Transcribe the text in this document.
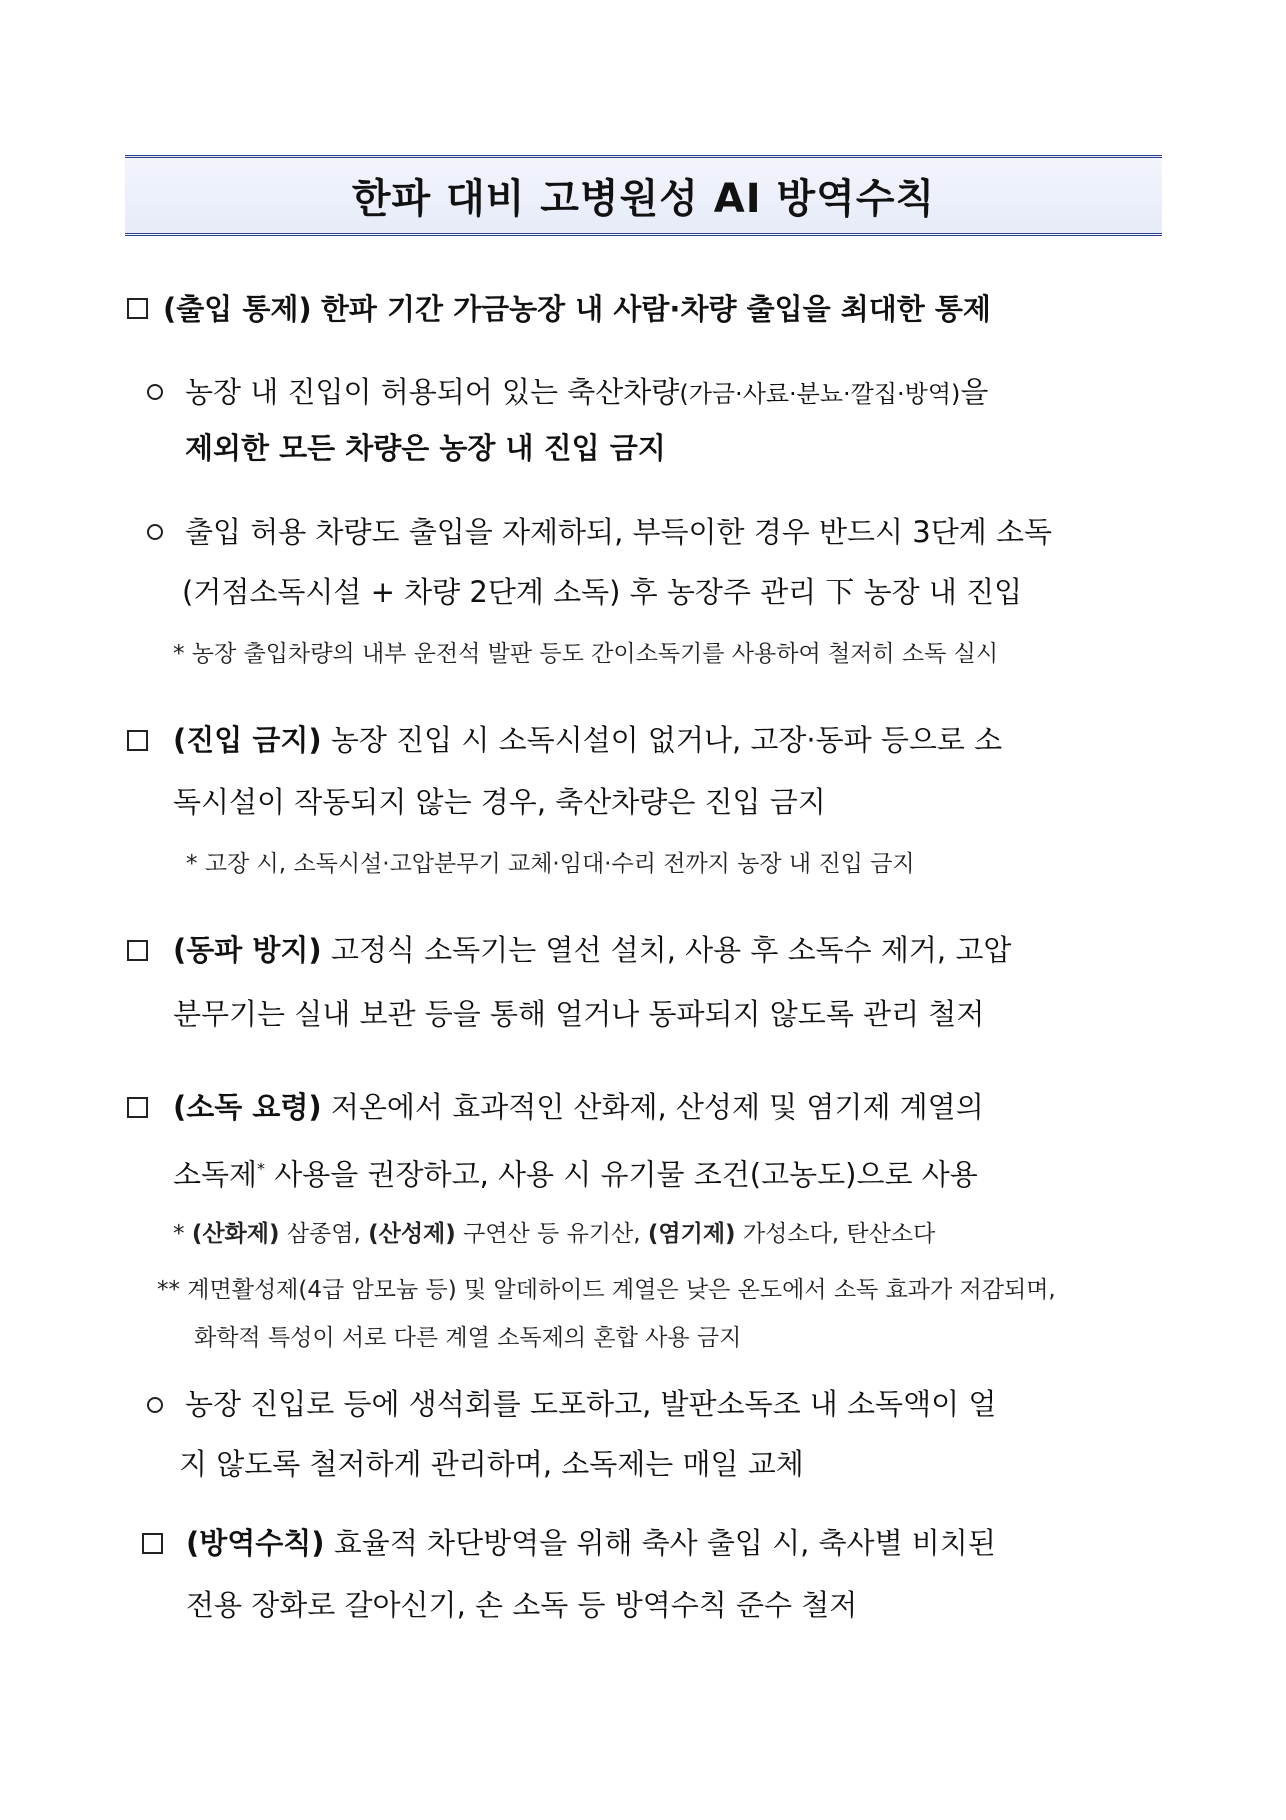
한파 대비 고병원성 AI 방역수칙
(출입 통제) 한파 기간 가금농장 내 사람·차량 출입을 최대한 통제
농장 내 진입이 허용되어 있는 축산차량(가금·사료·분뇨·깔집·방역)을
제외한 모든 차량은 농장 내 진입 금지
출입 허용 차량도 출입을 자제하되, 부득이한 경우 반드시 3단계 소독
(거점소독시설 + 차량 2단계 소독) 후 농장주 관리 下 농장 내 진입
* 농장 출입차량의 내부 운전석 발판 등도 간이소독기를 사용하여 철저히 소독 실시
(진입 금지) 농장 진입 시 소독시설이 없거나, 고장·동파 등으로 소
독시설이 작동되지 않는 경우, 축산차량은 진입 금지
* 고장 시, 소독시설·고압분무기 교체·임대·수리 전까지 농장 내 진입 금지
(동파 방지) 고정식 소독기는 열선 설치, 사용 후 소독수 제거, 고압
분무기는 실내 보관 등을 통해 얼거나 동파되지 않도록 관리 철저
(소독 요령) 저온에서 효과적인 산화제, 산성제 및 염기제 계열의
소독제* 사용을 권장하고, 사용 시 유기물 조건(고농도)으로 사용
* (산화제) 삼종염, (산성제) 구연산 등 유기산, (염기제) 가성소다, 탄산소다
** 계면활성제(4급 암모늄 등) 및 알데하이드 계열은 낮은 온도에서 소독 효과가 저감되며,
화학적 특성이 서로 다른 계열 소독제의 혼합 사용 금지
농장 진입로 등에 생석회를 도포하고, 발판소독조 내 소독액이 얼
지 않도록 철저하게 관리하며, 소독제는 매일 교체
(방역수칙) 효율적 차단방역을 위해 축사 출입 시, 축사별 비치된
전용 장화로 갈아신기, 손 소독 등 방역수칙 준수 철저
